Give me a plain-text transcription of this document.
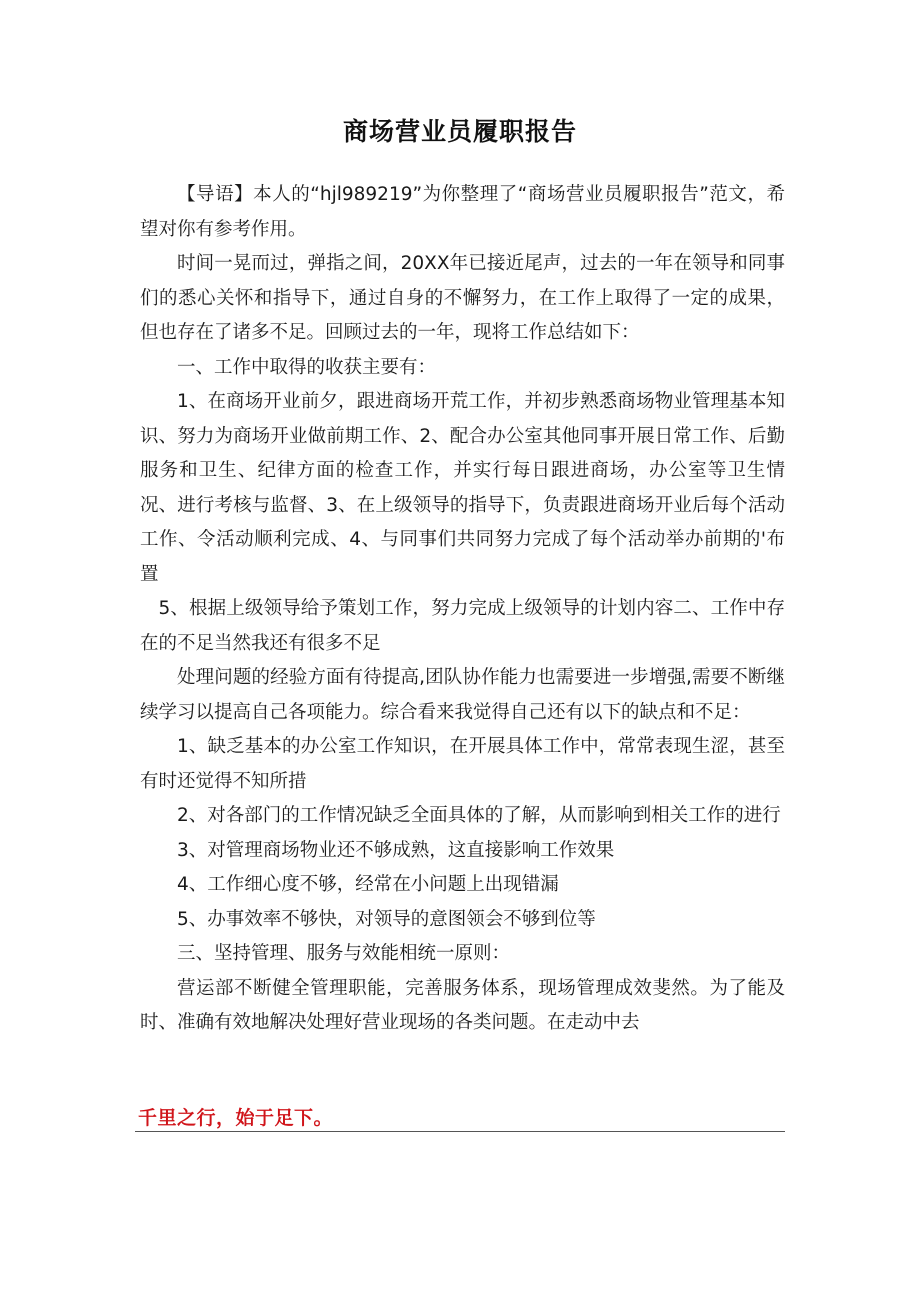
商场营业员履职报告

【导语】本人的“hjl989219”为你整理了“商场营业员履职报告”范文，希望对你有参考作用。

时间一晃而过，弹指之间，20XX年已接近尾声，过去的一年在领导和同事们的悉心关怀和指导下，通过自身的不懈努力，在工作上取得了一定的成果，但也存在了诸多不足。回顾过去的一年，现将工作总结如下：

一、工作中取得的收获主要有：

1、在商场开业前夕，跟进商场开荒工作，并初步熟悉商场物业管理基本知识、努力为商场开业做前期工作、2、配合办公室其他同事开展日常工作、后勤服务和卫生、纪律方面的检查工作，并实行每日跟进商场，办公室等卫生情况、进行考核与监督、3、在上级领导的指导下，负责跟进商场开业后每个活动工作、令活动顺利完成、4、与同事们共同努力完成了每个活动举办前期的'布置

5、根据上级领导给予策划工作，努力完成上级领导的计划内容二、工作中存在的不足当然我还有很多不足

处理问题的经验方面有待提高,团队协作能力也需要进一步增强,需要不断继续学习以提高自己各项能力。综合看来我觉得自己还有以下的缺点和不足：

1、缺乏基本的办公室工作知识，在开展具体工作中，常常表现生涩，甚至有时还觉得不知所措

2、对各部门的工作情况缺乏全面具体的了解，从而影响到相关工作的进行

3、对管理商场物业还不够成熟，这直接影响工作效果

4、工作细心度不够，经常在小问题上出现错漏

5、办事效率不够快，对领导的意图领会不够到位等

三、坚持管理、服务与效能相统一原则：

营运部不断健全管理职能，完善服务体系，现场管理成效斐然。为了能及时、准确有效地解决处理好营业现场的各类问题。在走动中去

千里之行，始于足下。
